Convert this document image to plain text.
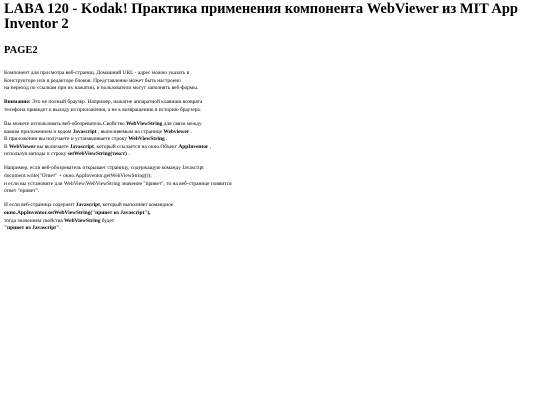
LABA 120 - Kodak! Практика применения компонента WebViewer из MIT App Inventor 2
PAGE2

Компонент для просмотра веб-страниц. Домашний URL - адрес можно указать в
Конструкторе или в редакторе блоков. Представление может быть настроено
на переход по ссылкам при их нажатии, и пользователи могут заполнять веб-формы.

Внимание: Это не полный браузер. Например, нажатие аппаратной клавиши возврата
телефона приведет к выходу из приложения, а не к возвращению в историю браузера.

Вы можете использовать веб-обозреватель.Свойство WebViewString для связи между
вашим приложением и кодом Javascript , выполняемым на странице Webviewer .
В приложении вы получаете и устанавливаете строку WebViewString .
В WebViewer вы включаете Javascript, который ссылается на окно.Объект AppInventor ,
используя методы и строку setWebViewString(текст) .

Например, если веб-обозреватель открывает страницу, содержащую команду Javascript
document.write("Ответ" + окно.AppInventor.getWebViewString());
и если вы установите для WebView.WebViewString значение "привет", то на веб-странице появится
ответ "привет".

И если веб-страница содержит Javascript, который выполняет командное
окно.AppInventor.setWebViewString("привет из Javascript"),
тогда значением свойства WebViewString будет
"привет из Javascript".
